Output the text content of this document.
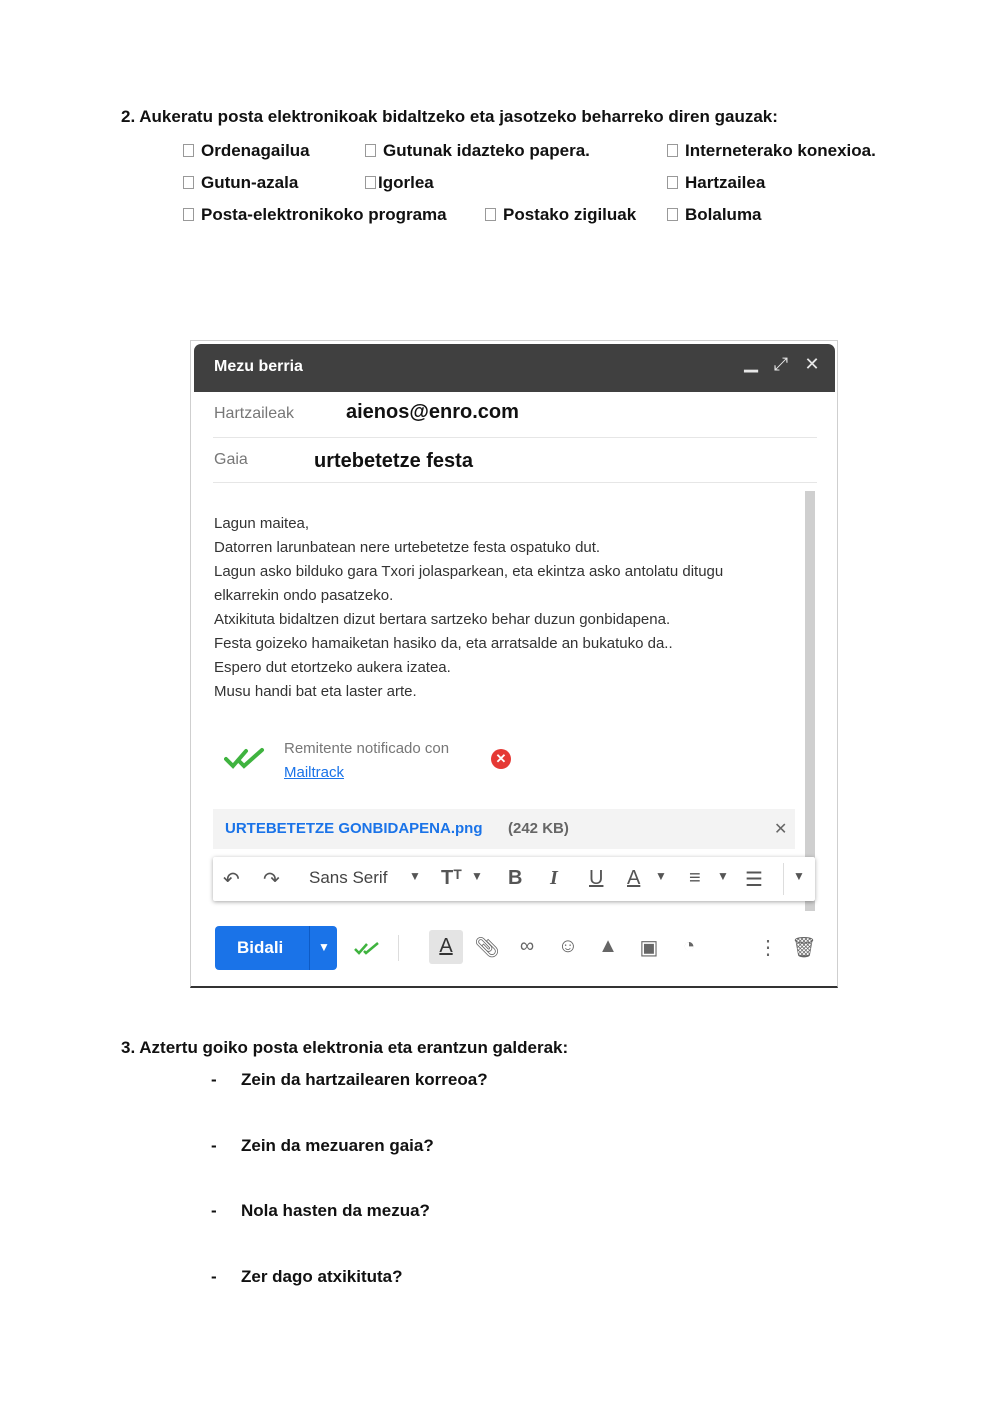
2. Aukeratu posta elektronikoak bidaltzeko eta jasotzeko beharreko diren gauzak:
Ordenagailua	Gutunak idazteko papera.	Interneterako konexioa.
Gutun-azala	Igorlea	Hartzailea
Posta-elektronikoko programa	Postako zigiluak	Bolaluma
Mezu berria	▁ ⤢ ✕
Hartzaileak	aienos@enro.com
Gaia	urtebetetze festa
Lagun maitea,
Datorren larunbatean nere urtebetetze festa ospatuko dut.
Lagun asko bilduko gara Txori jolasparkean, eta ekintza asko antolatu ditugu
elkarrekin ondo pasatzeko.
Atxikituta bidaltzen dizut bertara sartzeko behar duzun gonbidapena.
Festa goizeko hamaiketan hasiko da, eta arratsalde an bukatuko da..
Espero dut etortzeko aukera izatea.
Musu handi bat eta laster arte.
Remitente notificado con
Mailtrack
✕
URTEBETETZE GONBIDAPENA.png (242 KB)	✕
↶ ↷ Sans Serif ▼ Tᵀ ▼ B I U A ▼ ≡ ▼ ☰	▼
Bidali	▼	A	📎︎ ∞ ☺ ▲ ▣	◔	⋮ 🗑︎
3. Aztertu goiko posta elektronia eta erantzun galderak:
- Zein da hartzailearen korreoa?
- Zein da mezuaren gaia?
- Nola hasten da mezua?
- Zer dago atxikituta?
